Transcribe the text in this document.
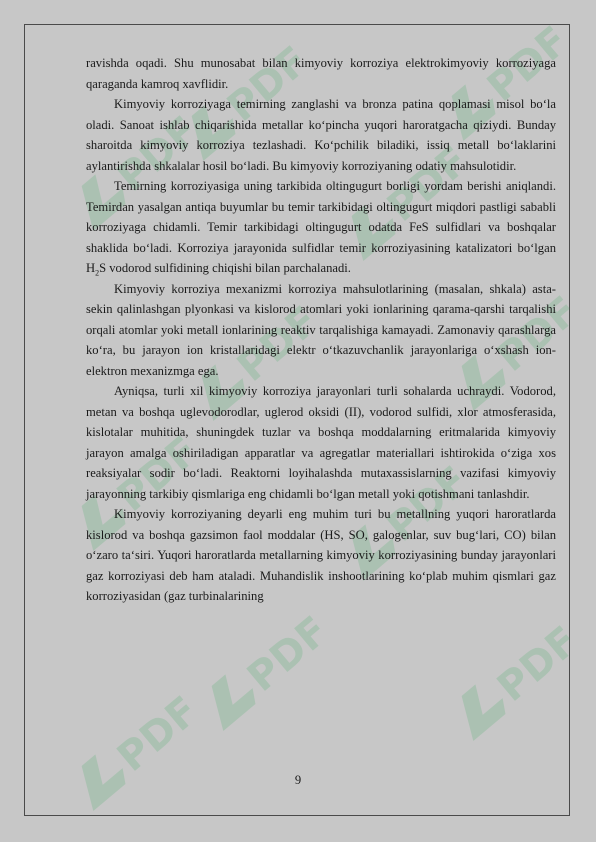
PDF	PDF
PDF	PDF
PDF	PDF
PDF	PDF
PDF	PDF
PDF

ravishda oqadi. Shu munosabat bilan kimyoviy korroziya elektrokimyoviy korroziyaga qaraganda kamroq xavflidir.

Kimyoviy korroziyaga temirning zanglashi va bronza patina qoplamasi misol bo‘la oladi. Sanoat ishlab chiqarishida metallar ko‘pincha yuqori haroratgacha qiziydi. Bunday sharoitda kimyoviy korroziya tezlashadi. Ko‘pchilik biladiki, issiq metall bo‘laklarini aylantirishda shkalalar hosil bo‘ladi. Bu kimyoviy korroziyaning odatiy mahsulotidir.

Temirning korroziyasiga uning tarkibida oltingugurt borligi yordam berishi aniqlandi. Temirdan yasalgan antiqa buyumlar bu temir tarkibidagi oltingugurt miqdori pastligi sababli korroziyaga chidamli. Temir tarkibidagi oltingugurt odatda FeS sulfidlari va boshqalar shaklida bo‘ladi. Korroziya jarayonida sulfidlar temir korroziyasining katalizatori bo‘lgan $H_2S$ vodorod sulfidining chiqishi bilan parchalanadi.

Kimyoviy korroziya mexanizmi korroziya mahsulotlarining (masalan, shkala) asta-sekin qalinlashgan plyonkasi va kislorod atomlari yoki ionlarining qarama-qarshi tarqalishi orqali atomlar yoki metall ionlarining reaktiv tarqalishiga kamayadi. Zamonaviy qarashlarga ko‘ra, bu jarayon ion kristallaridagi elektr o‘tkazuvchanlik jarayonlariga o‘xshash ion-elektron mexanizmga ega.

Ayniqsa, turli xil kimyoviy korroziya jarayonlari turli sohalarda uchraydi. Vodorod, metan va boshqa uglevodorodlar, uglerod oksidi (II), vodorod sulfidi, xlor atmosferasida, kislotalar muhitida, shuningdek tuzlar va boshqa moddalarning eritmalarida kimyoviy jarayon amalga oshiriladigan apparatlar va agregatlar materiallari ishtirokida o‘ziga xos reaksiyalar sodir bo‘ladi. Reaktorni loyihalashda mutaxassislarning vazifasi kimyoviy jarayonning tarkibiy qismlariga eng chidamli bo‘lgan metall yoki qotishmani tanlashdir.

Kimyoviy korroziyaning deyarli eng muhim turi bu metallning yuqori haroratlarda kislorod va boshqa gazsimon faol moddalar (HS, SO, galogenlar, suv bug‘lari, CO) bilan o‘zaro ta‘siri. Yuqori haroratlarda metallarning kimyoviy korroziyasining bunday jarayonlari gaz korroziyasi deb ham ataladi. Muhandislik inshootlarining ko‘plab muhim qismlari gaz korroziyasidan (gaz turbinalarining

9
